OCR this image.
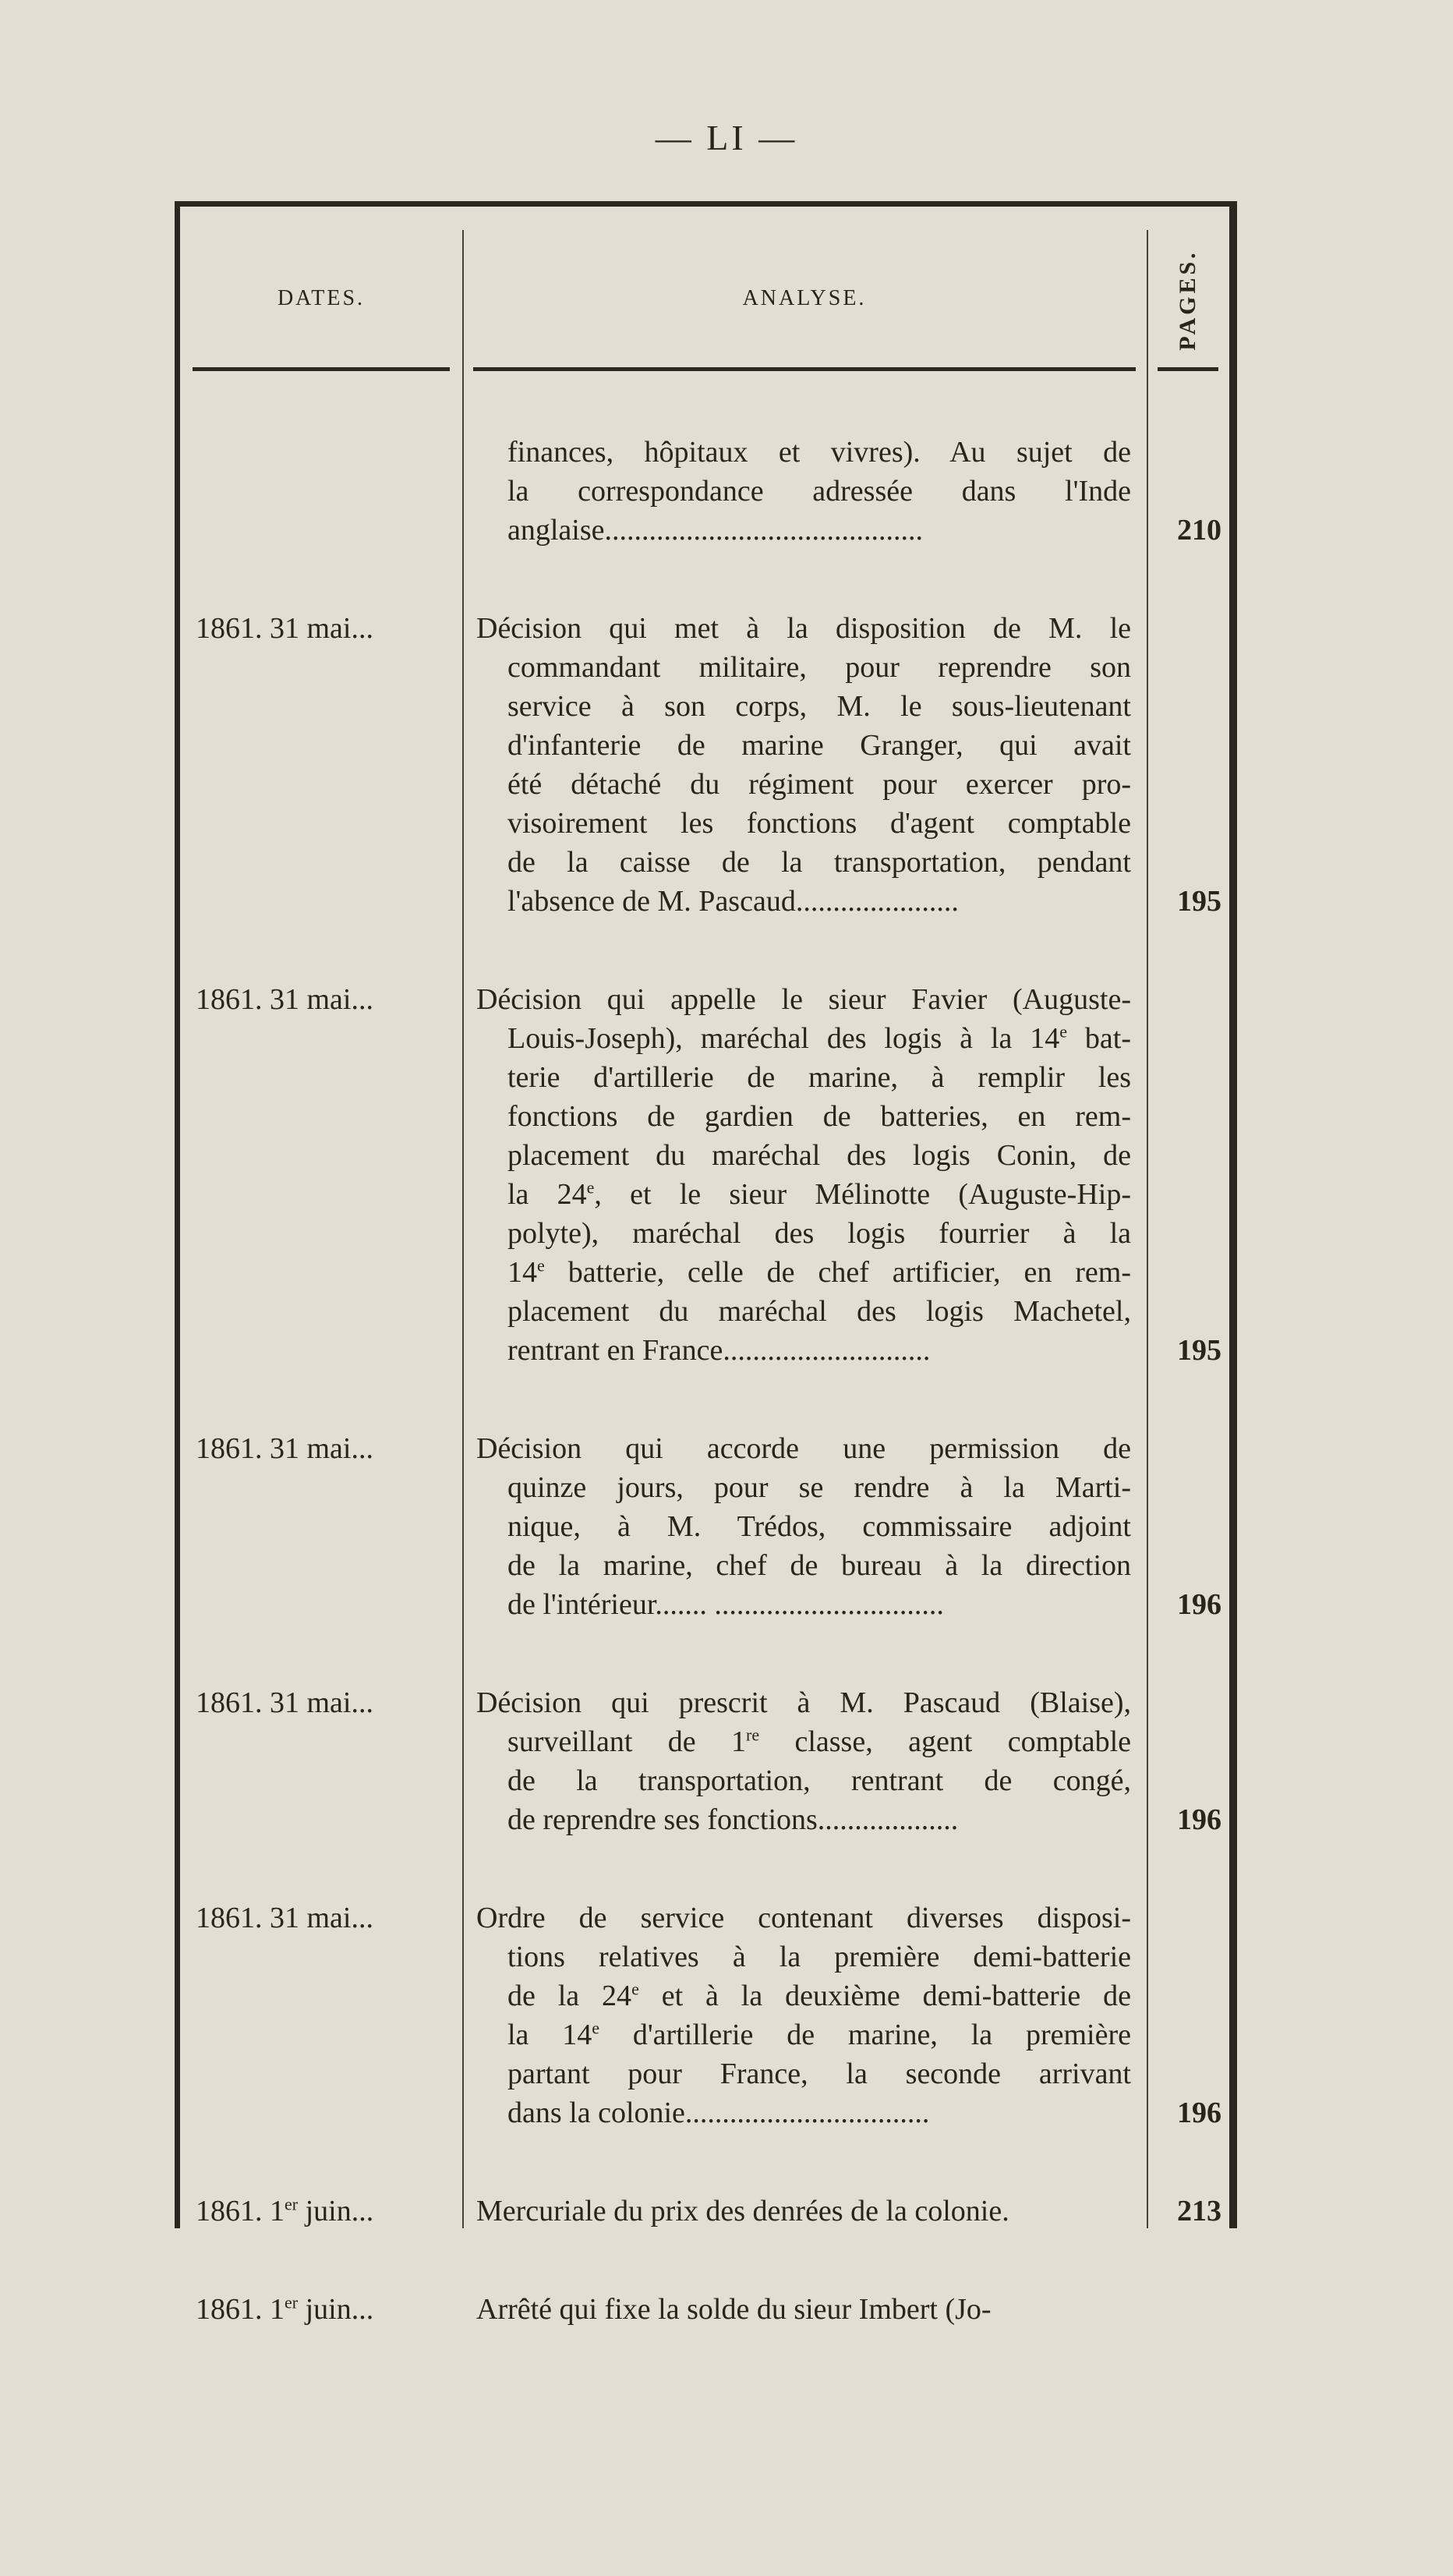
— LI —
DATES.	ANALYSE.	PAGES.
finances, hôpitaux et vivres). Au sujet de
la correspondance adressée dans l'Inde
anglaise...........................................	210
1861. 31 mai...	Décision qui met à la disposition de M. le
commandant militaire, pour reprendre son
service à son corps, M. le sous-lieutenant
d'infanterie de marine Granger, qui avait
été détaché du régiment pour exercer pro-
visoirement les fonctions d'agent comptable
de la caisse de la transportation, pendant
l'absence de M. Pascaud......................	195
1861. 31 mai...	Décision qui appelle le sieur Favier (Auguste-
Louis-Joseph), maréchal des logis à la 14e bat-
terie d'artillerie de marine, à remplir les
fonctions de gardien de batteries, en rem-
placement du maréchal des logis Conin, de
la 24e, et le sieur Mélinotte (Auguste-Hip-
polyte), maréchal des logis fourrier à la
14e batterie, celle de chef artificier, en rem-
placement du maréchal des logis Machetel,
rentrant en France............................	195
1861. 31 mai...	Décision qui accorde une permission de
quinze jours, pour se rendre à la Marti-
nique, à M. Trédos, commissaire adjoint
de la marine, chef de bureau à la direction
de l'intérieur....... ...............................	196
1861. 31 mai...	Décision qui prescrit à M. Pascaud (Blaise),
surveillant de 1re classe, agent comptable
de la transportation, rentrant de congé,
de reprendre ses fonctions...................	196
1861. 31 mai...	Ordre de service contenant diverses disposi-
tions relatives à la première demi-batterie
de la 24e et à la deuxième demi-batterie de
la 14e d'artillerie de marine, la première
partant pour France, la seconde arrivant
dans la colonie.................................	196
1861. 1er juin...	Mercuriale du prix des denrées de la colonie.	213
1861. 1er juin...	Arrêté qui fixe la solde du sieur Imbert (Jo-
